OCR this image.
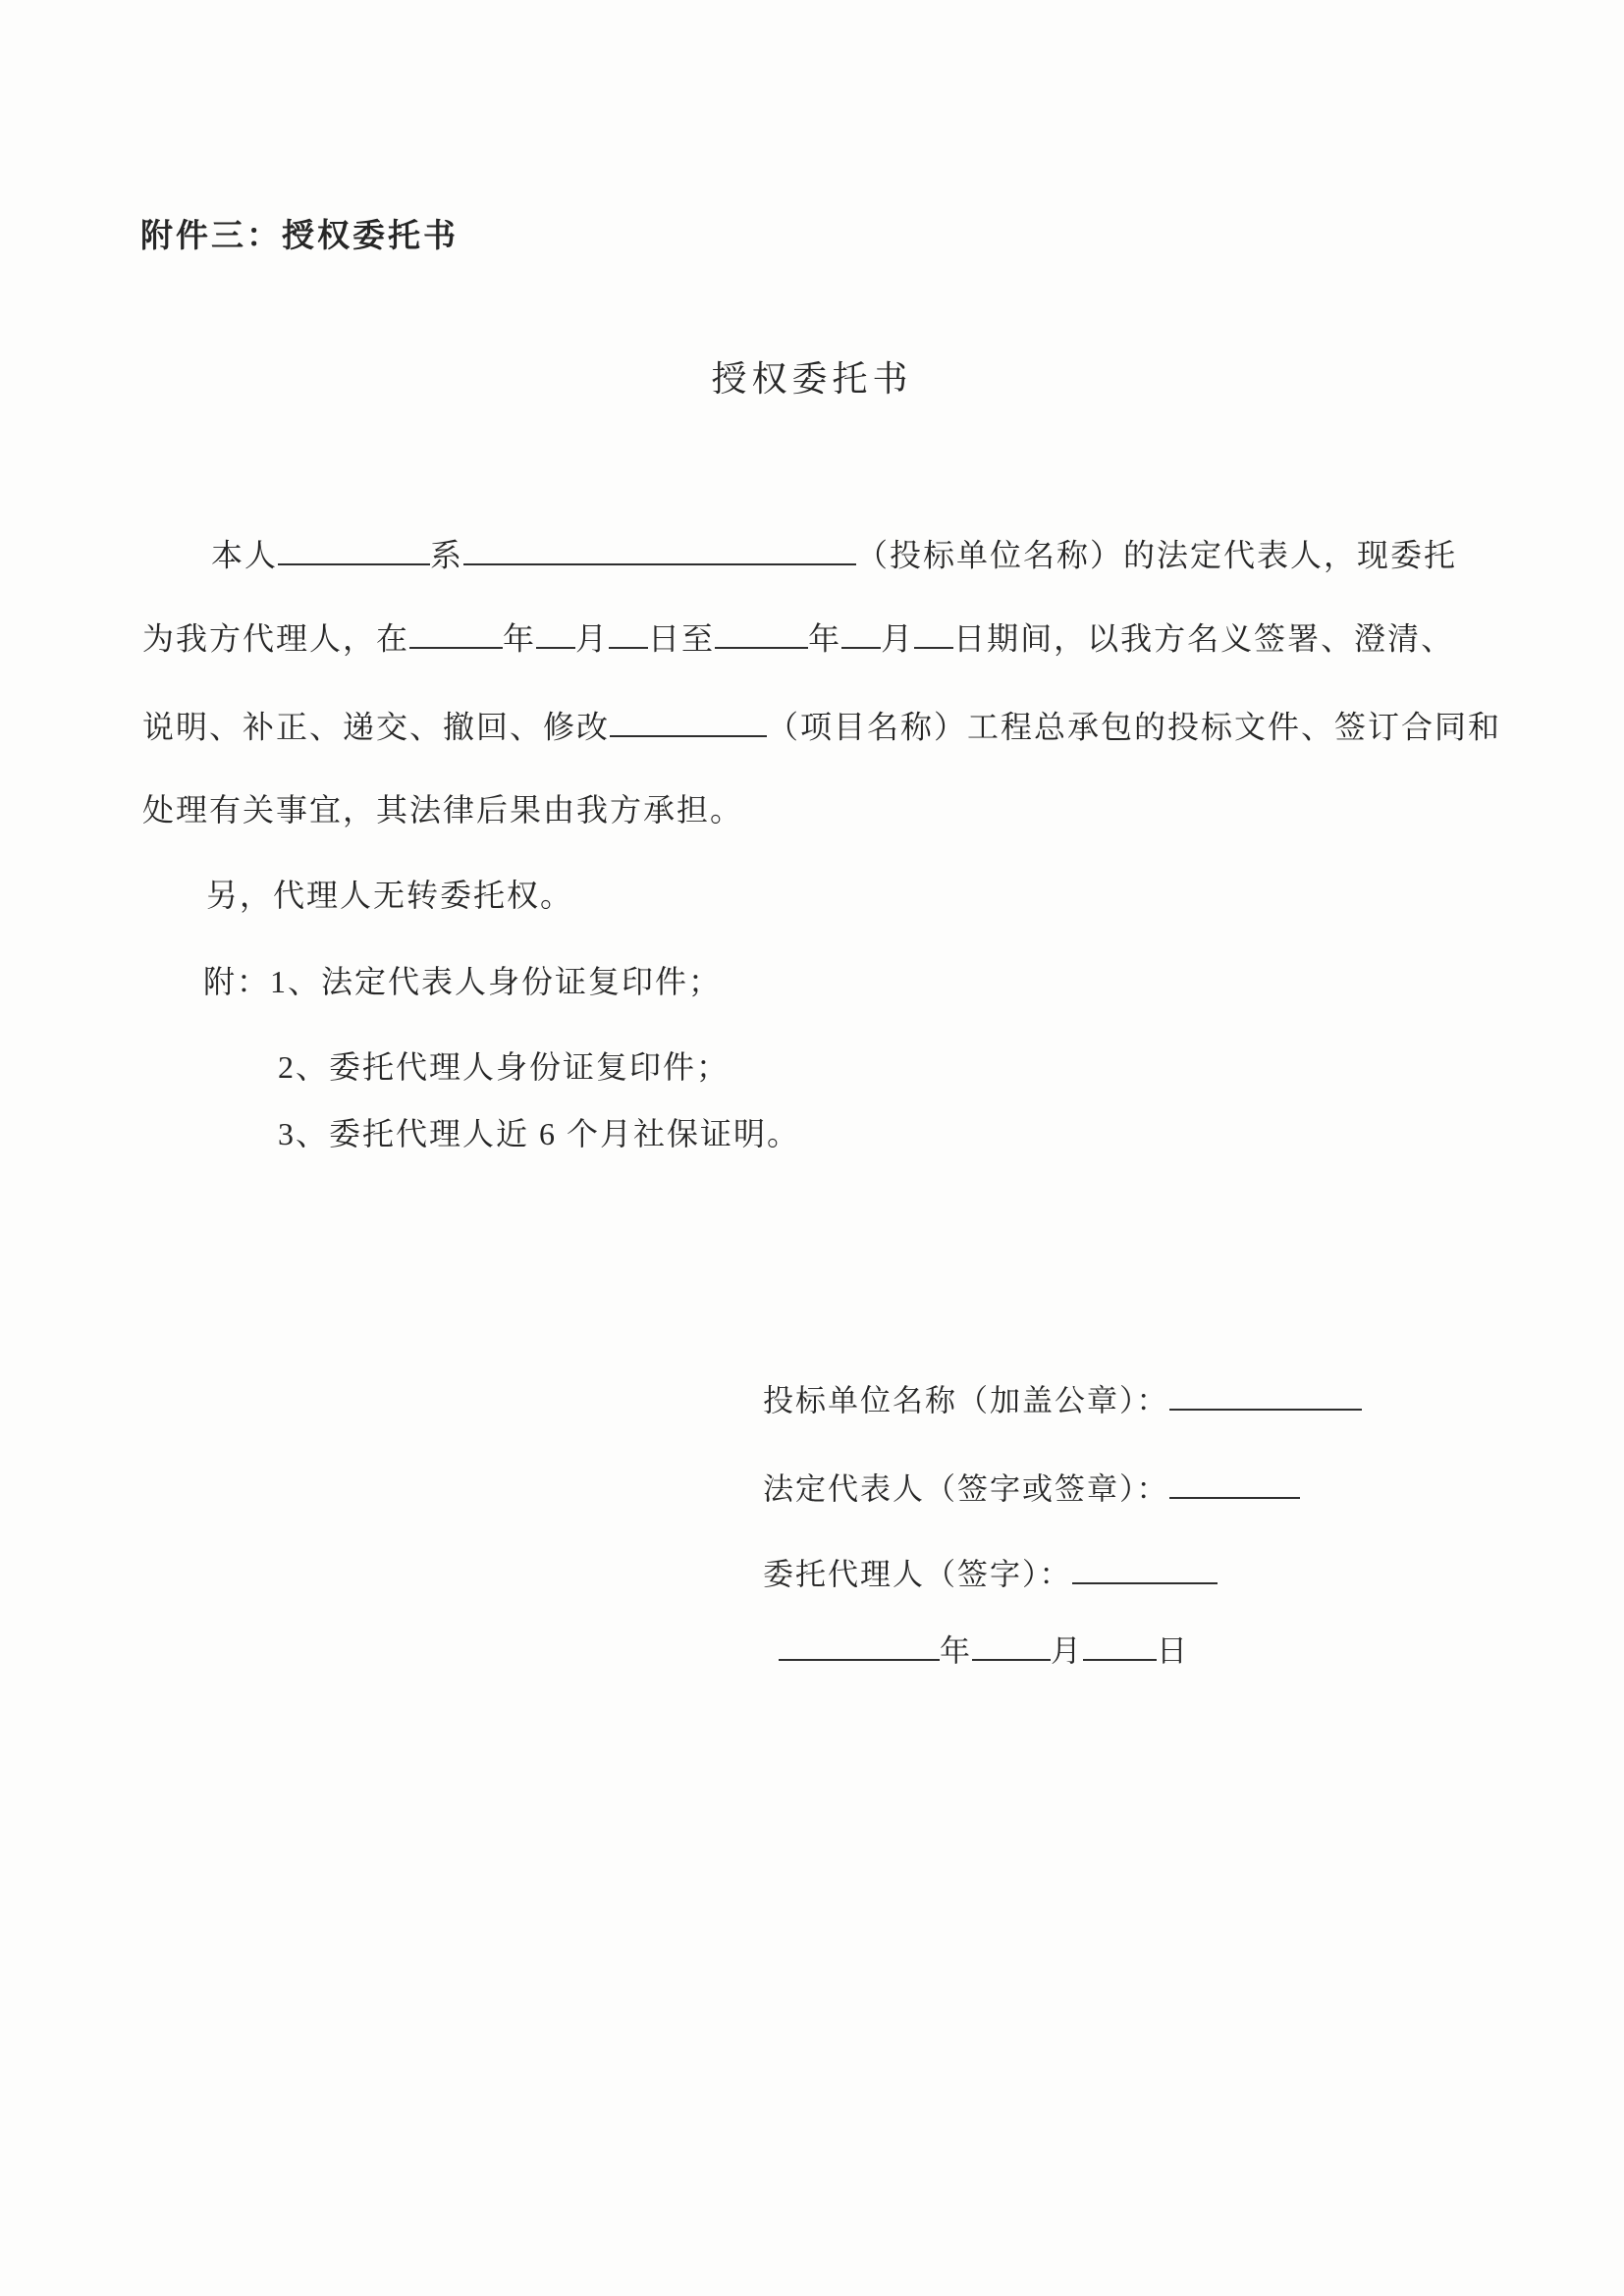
附件三：授权委托书
授权委托书
本人	系	（投标单位名称）的法定代表人，现委托
为我方代理人，在	年 月 日至	年 月 日期间，以我方名义签署、澄清、
说明、补正、递交、撤回、修改	（项目名称）工程总承包的投标文件、签订合同和
处理有关事宜，其法律后果由我方承担。
另，代理人无转委托权。
附：1、法定代表人身份证复印件；
2、委托代理人身份证复印件；
3、委托代理人近 6 个月社保证明。
投标单位名称（加盖公章）：
法定代表人（签字或签章）：
委托代理人（签字）：
年	月 日
